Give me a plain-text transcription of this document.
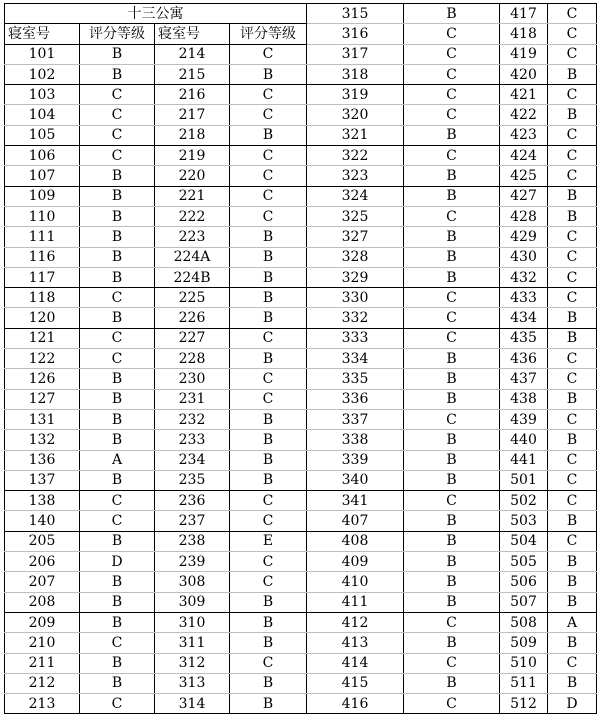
十三公寓				315	B	417	C
寝室号	评分等级	寝室号	评分等级	316	C	418	C
101	B	214	C	317	C	419	C
102	B	215	B	318	C	420	B
103	C	216	C	319	C	421	C
104	C	217	C	320	C	422	B
105	C	218	B	321	B	423	C
106	C	219	C	322	C	424	C
107	B	220	C	323	B	425	C
109	B	221	C	324	B	427	B
110	B	222	C	325	C	428	B
111	B	223	B	327	B	429	C
116	B	224A	B	328	B	430	C
117	B	224B	B	329	B	432	C
118	C	225	B	330	C	433	C
120	B	226	B	332	C	434	B
121	C	227	C	333	C	435	B
122	C	228	B	334	B	436	C
126	B	230	C	335	B	437	C
127	B	231	C	336	B	438	B
131	B	232	B	337	C	439	C
132	B	233	B	338	B	440	B
136	A	234	B	339	B	441	C
137	B	235	B	340	B	501	C
138	C	236	C	341	C	502	C
140	C	237	C	407	B	503	B
205	B	238	E	408	B	504	C
206	D	239	C	409	B	505	B
207	B	308	C	410	B	506	B
208	B	309	B	411	B	507	B
209	B	310	B	412	C	508	A
210	C	311	B	413	B	509	B
211	B	312	C	414	C	510	C
212	B	313	B	415	B	511	B
213	C	314	B	416	C	512	D
